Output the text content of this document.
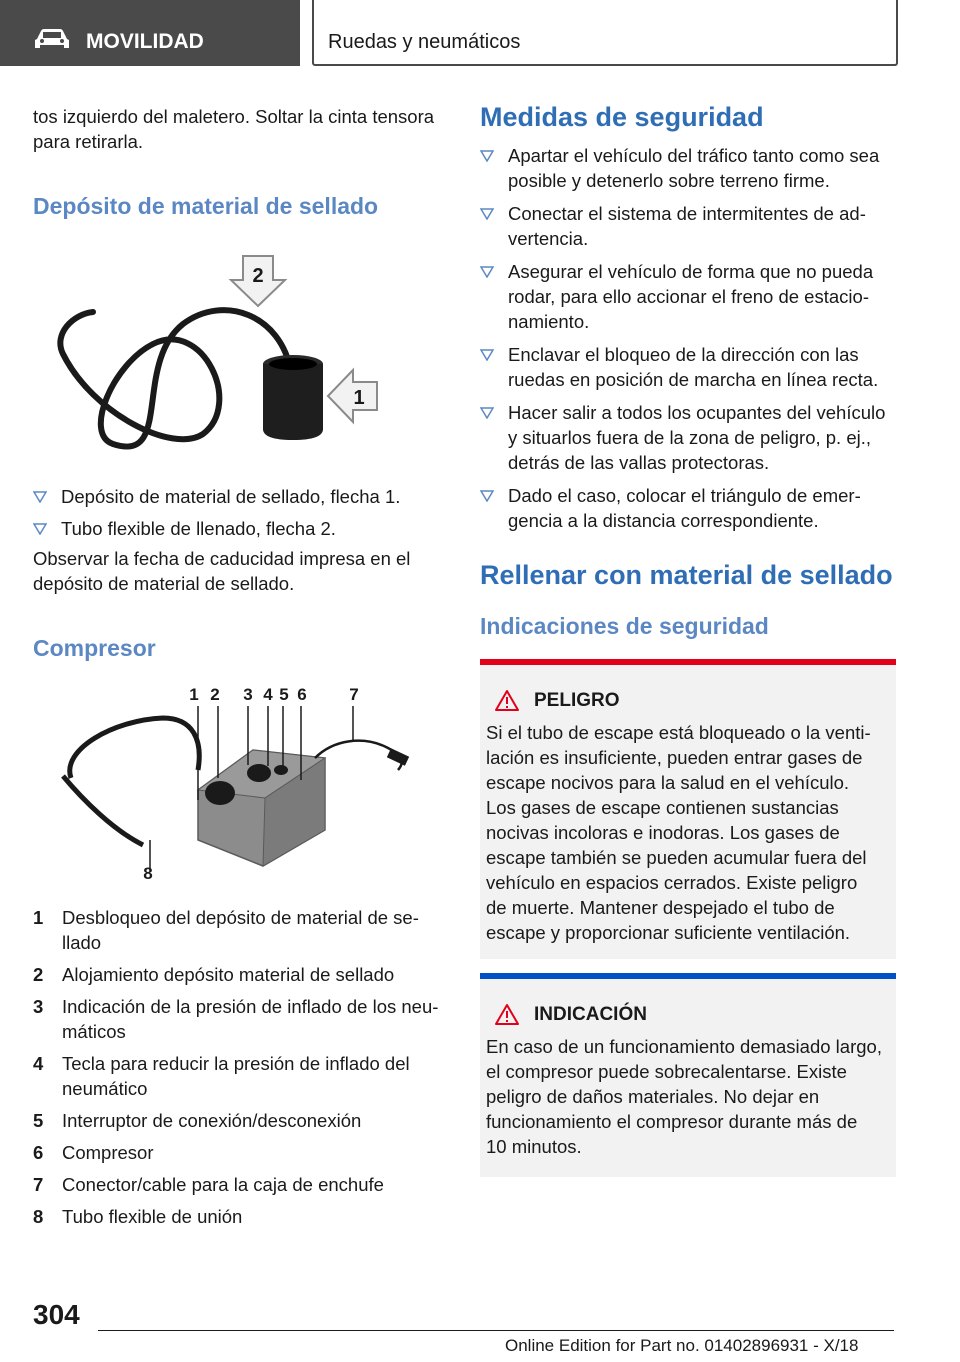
MOVILIDAD	Ruedas y neumáticos

tos izquierdo del maletero. Soltar la cinta tensora para retirarla.

Depósito de material de sellado
2
1
Depósito de material de sellado, flecha 1.
Tubo flexible de llenado, flecha 2.

Observar la fecha de caducidad impresa en el depósito de material de sellado.

Compresor
1 2 3 4 5 6	7
8
1 Desbloqueo del depósito de material de sellado
2 Alojamiento depósito material de sellado
3 Indicación de la presión de inflado de los neumáticos
4 Tecla para reducir la presión de inflado del neumático
5 Interruptor de conexión/desconexión
6 Compresor
7 Conector/cable para la caja de enchufe
8 Tubo flexible de unión
Medidas de seguridad
Apartar el vehículo del tráfico tanto como sea posible y detenerlo sobre terreno firme.
Conectar el sistema de intermitentes de advertencia.
Asegurar el vehículo de forma que no pueda rodar, para ello accionar el freno de estacionamiento.
Enclavar el bloqueo de la dirección con las ruedas en posición de marcha en línea recta.
Hacer salir a todos los ocupantes del vehículo y situarlos fuera de la zona de peligro, p. ej., detrás de las vallas protectoras.
Dado el caso, colocar el triángulo de emergencia a la distancia correspondiente.
Rellenar con material de sellado
Indicaciones de seguridad
PELIGRO
Si el tubo de escape está bloqueado o la ventilación es insuficiente, pueden entrar gases de escape nocivos para la salud en el vehículo. Los gases de escape contienen sustancias nocivas incoloras e inodoras. Los gases de escape también se pueden acumular fuera del vehículo en espacios cerrados. Existe peligro de muerte. Mantener despejado el tubo de escape y proporcionar suficiente ventilación.
INDICACIÓN
En caso de un funcionamiento demasiado largo, el compresor puede sobrecalentarse. Existe peligro de daños materiales. No dejar en funcionamiento el compresor durante más de 10 minutos.
304
Online Edition for Part no. 01402896931 - X/18
